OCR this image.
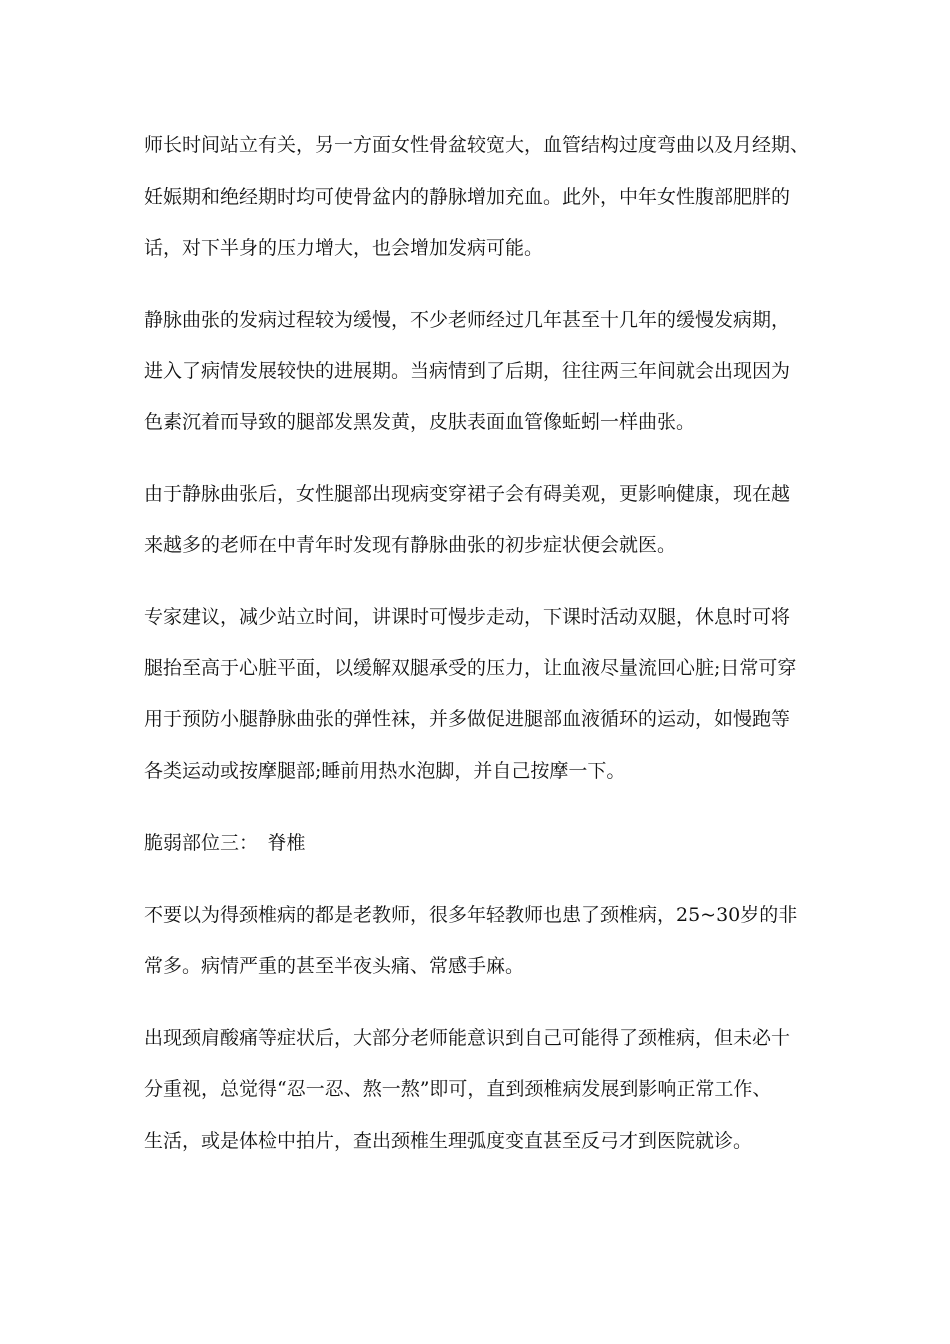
师长时间站立有关，另一方面女性骨盆较宽大，血管结构过度弯曲以及月经期、
妊娠期和绝经期时均可使骨盆内的静脉增加充血。此外，中年女性腹部肥胖的
话，对下半身的压力增大，也会增加发病可能。
静脉曲张的发病过程较为缓慢，不少老师经过几年甚至十几年的缓慢发病期，
进入了病情发展较快的进展期。当病情到了后期，往往两三年间就会出现因为
色素沉着而导致的腿部发黑发黄，皮肤表面血管像蚯蚓一样曲张。
由于静脉曲张后，女性腿部出现病变穿裙子会有碍美观，更影响健康，现在越
来越多的老师在中青年时发现有静脉曲张的初步症状便会就医。
专家建议，减少站立时间，讲课时可慢步走动，下课时活动双腿，休息时可将
腿抬至高于心脏平面，以缓解双腿承受的压力，让血液尽量流回心脏;日常可穿
用于预防小腿静脉曲张的弹性袜，并多做促进腿部血液循环的运动，如慢跑等
各类运动或按摩腿部;睡前用热水泡脚，并自己按摩一下。
脆弱部位三：　脊椎
不要以为得颈椎病的都是老教师，很多年轻教师也患了颈椎病，25~30岁的非
常多。病情严重的甚至半夜头痛、常感手麻。
出现颈肩酸痛等症状后，大部分老师能意识到自己可能得了颈椎病，但未必十
分重视，总觉得“忍一忍、熬一熬”即可，直到颈椎病发展到影响正常工作、
生活，或是体检中拍片，查出颈椎生理弧度变直甚至反弓才到医院就诊。
